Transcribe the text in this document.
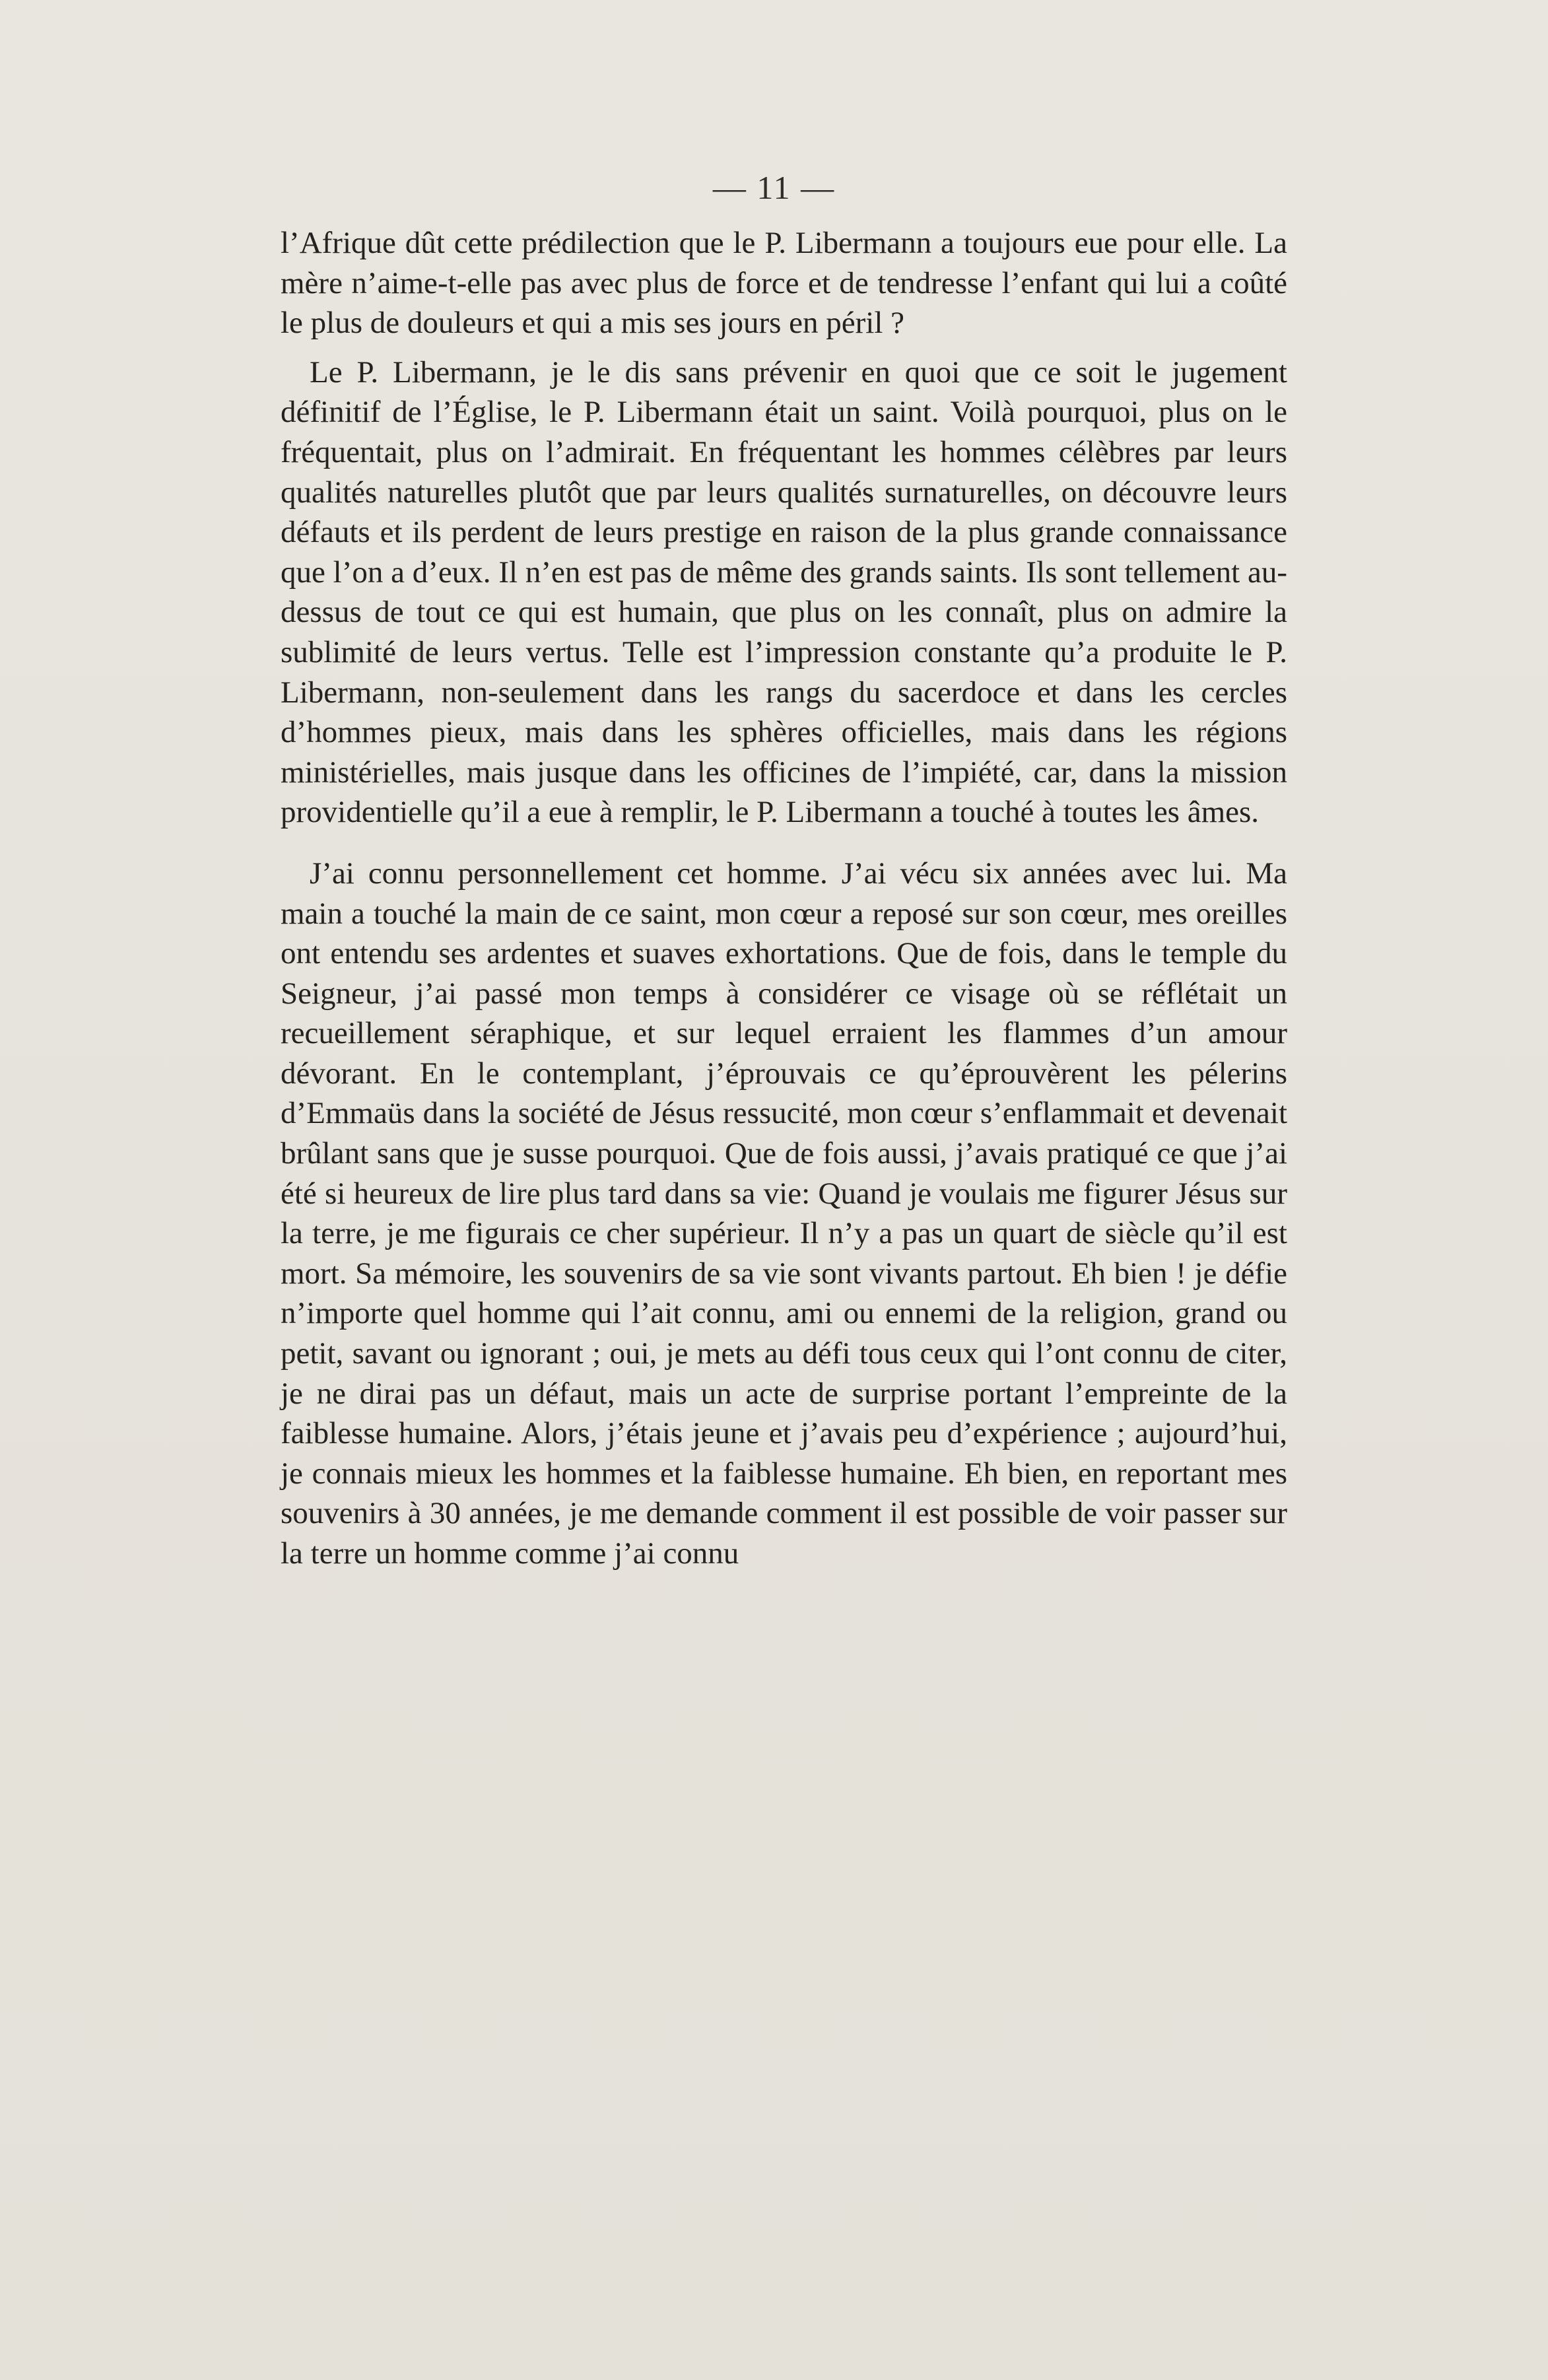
— 11 —

l’Afrique dût cette prédilection que le P. Libermann a toujours eue pour elle. La mère n’aime-t-elle pas avec plus de force et de tendresse l’enfant qui lui a coûté le plus de douleurs et qui a mis ses jours en péril ?

Le P. Libermann, je le dis sans prévenir en quoi que ce soit le jugement définitif de l’Église, le P. Libermann était un saint. Voilà pourquoi, plus on le fréquentait, plus on l’admirait. En fréquentant les hommes célèbres par leurs qualités naturelles plutôt que par leurs qualités surnaturelles, on découvre leurs défauts et ils perdent de leurs prestige en raison de la plus grande connaissance que l’on a d’eux. Il n’en est pas de même des grands saints. Ils sont tellement au-dessus de tout ce qui est humain, que plus on les connaît, plus on admire la sublimité de leurs vertus. Telle est l’impression constante qu’a produite le P. Libermann, non-seulement dans les rangs du sacerdoce et dans les cercles d’hommes pieux, mais dans les sphères officielles, mais dans les régions ministérielles, mais jusque dans les officines de l’impiété, car, dans la mission providentielle qu’il a eue à remplir, le P. Libermann a touché à toutes les âmes.

J’ai connu personnellement cet homme. J’ai vécu six années avec lui. Ma main a touché la main de ce saint, mon cœur a reposé sur son cœur, mes oreilles ont entendu ses ardentes et suaves exhortations. Que de fois, dans le temple du Seigneur, j’ai passé mon temps à considérer ce visage où se réflétait un recueillement séraphique, et sur lequel erraient les flammes d’un amour dévorant. En le contemplant, j’éprouvais ce qu’éprouvèrent les pélerins d’Emmaüs dans la société de Jésus ressucité, mon cœur s’enflammait et devenait brûlant sans que je susse pourquoi. Que de fois aussi, j’avais pratiqué ce que j’ai été si heureux de lire plus tard dans sa vie: Quand je voulais me figurer Jésus sur la terre, je me figurais ce cher supérieur. Il n’y a pas un quart de siècle qu’il est mort. Sa mémoire, les souvenirs de sa vie sont vivants partout. Eh bien ! je défie n’importe quel homme qui l’ait connu, ami ou ennemi de la religion, grand ou petit, savant ou ignorant ; oui, je mets au défi tous ceux qui l’ont connu de citer, je ne dirai pas un défaut, mais un acte de surprise portant l’empreinte de la faiblesse humaine. Alors, j’étais jeune et j’avais peu d’expérience ; aujourd’hui, je connais mieux les hommes et la faiblesse humaine. Eh bien, en reportant mes souvenirs à 30 années, je me demande comment il est possible de voir passer sur la terre un homme comme j’ai connu
